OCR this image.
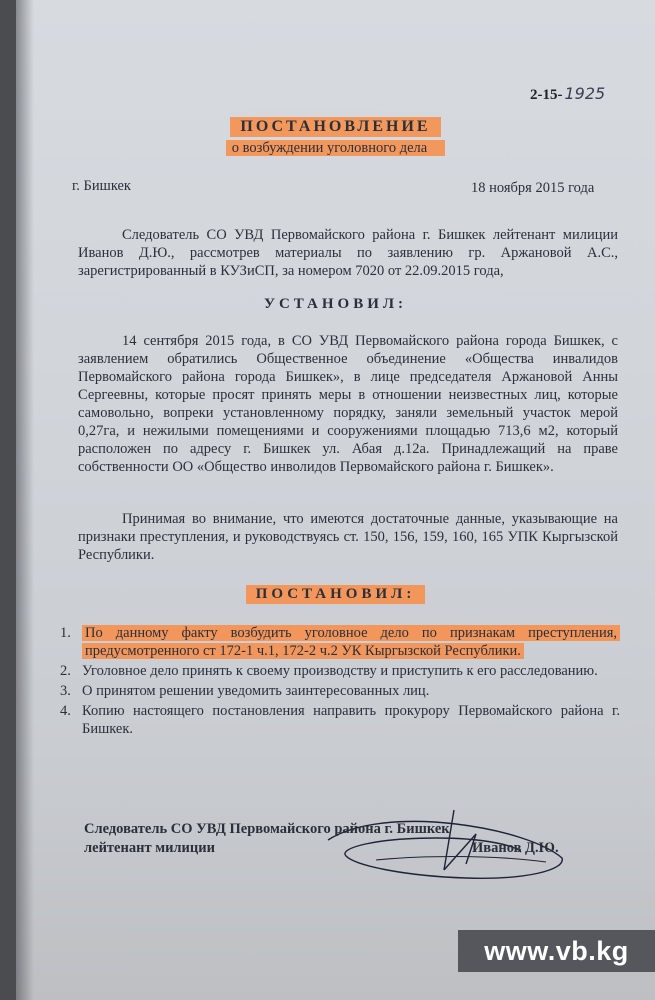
2-15- 1925
ПОСТАНОВЛЕНИЕ
о возбуждении уголовного дела
г. Бишкек	18 ноября 2015 года
Следователь СО УВД Первомайского района г. Бишкек лейтенант милиции Иванов Д.Ю., рассмотрев материалы по заявлению гр. Аржановой А.С., зарегистрированный в КУЗиСП, за номером 7020 от 22.09.2015 года,
УСТАНОВИЛ:
14 сентября 2015 года, в СО УВД Первомайского района города Бишкек, с заявлением обратились Общественное объединение «Общества инвалидов Первомайского района города Бишкек», в лице председателя Аржановой Анны Сергеевны, которые просят принять меры в отношении неизвестных лиц, которые самовольно, вопреки установленному порядку, заняли земельный участок мерой 0,27га, и нежилыми помещениями и сооружениями площадью 713,6 м2, который расположен по адресу г. Бишкек ул. Абая д.12а. Принадлежащий на праве собственности ОО «Общество инволидов Первомайского района г. Бишкек».
Принимая во внимание, что имеются достаточные данные, указывающие на признаки преступления, и руководствуясь ст. 150, 156, 159, 160, 165 УПК Кыргызской Республики.
ПОСТАНОВИЛ:
1. По данному факту возбудить уголовное дело по признакам преступления, предусмотренного ст 172-1 ч.1, 172-2 ч.2 УК Кыргызской Республики.
2. Уголовное дело принять к своему производству и приступить к его расследованию.
3. О принятом решении уведомить заинтересованных лиц.
4. Копию настоящего постановления направить прокурору Первомайского района г. Бишкек.
Следователь СО УВД Первомайского района г. Бишкек
лейтенант милиции	Иванов Д.Ю.
www.vb.kg
